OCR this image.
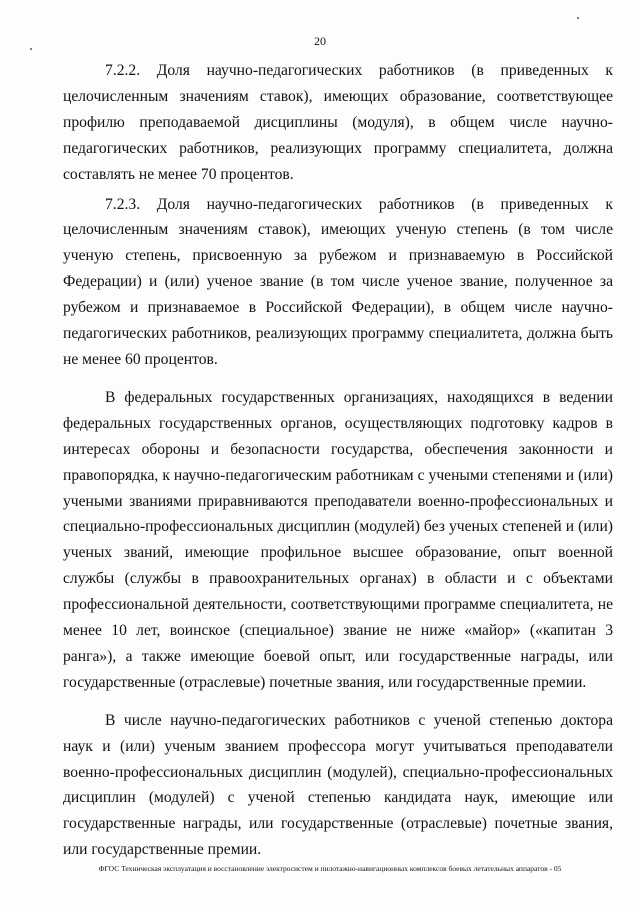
20

7.2.2. Доля научно-педагогических работников (в приведенных к целочисленным значениям ставок), имеющих образование, соответствующее профилю преподаваемой дисциплины (модуля), в общем числе научно-педагогических работников, реализующих программу специалитета, должна составлять не менее 70 процентов.

7.2.3. Доля научно-педагогических работников (в приведенных к целочисленным значениям ставок), имеющих ученую степень (в том числе ученую степень, присвоенную за рубежом и признаваемую в Российской Федерации) и (или) ученое звание (в том числе ученое звание, полученное за рубежом и признаваемое в Российской Федерации), в общем числе научно-педагогических работников, реализующих программу специалитета, должна быть не менее 60 процентов.

В федеральных государственных организациях, находящихся в ведении федеральных государственных органов, осуществляющих подготовку кадров в интересах обороны и безопасности государства, обеспечения законности и правопорядка, к научно-педагогическим работникам с учеными степенями и (или) учеными званиями приравниваются преподаватели военно-профессиональных и специально-профессиональных дисциплин (модулей) без ученых степеней и (или) ученых званий, имеющие профильное высшее образование, опыт военной службы (службы в правоохранительных органах) в области и с объектами профессиональной деятельности, соответствующими программе специалитета, не менее 10 лет, воинское (специальное) звание не ниже «майор» («капитан 3 ранга»), а также имеющие боевой опыт, или государственные награды, или государственные (отраслевые) почетные звания, или государственные премии.

В числе научно-педагогических работников с ученой степенью доктора наук и (или) ученым званием профессора могут учитываться преподаватели военно-профессиональных дисциплин (модулей), специально-профессиональных дисциплин (модулей) с ученой степенью кандидата наук, имеющие или государственные награды, или государственные (отраслевые) почетные звания, или государственные премии.

ФГОС Техническая эксплуатация и восстановление электросистем и пилотажно-навигационных комплексов боевых летательных аппаратов - 05
